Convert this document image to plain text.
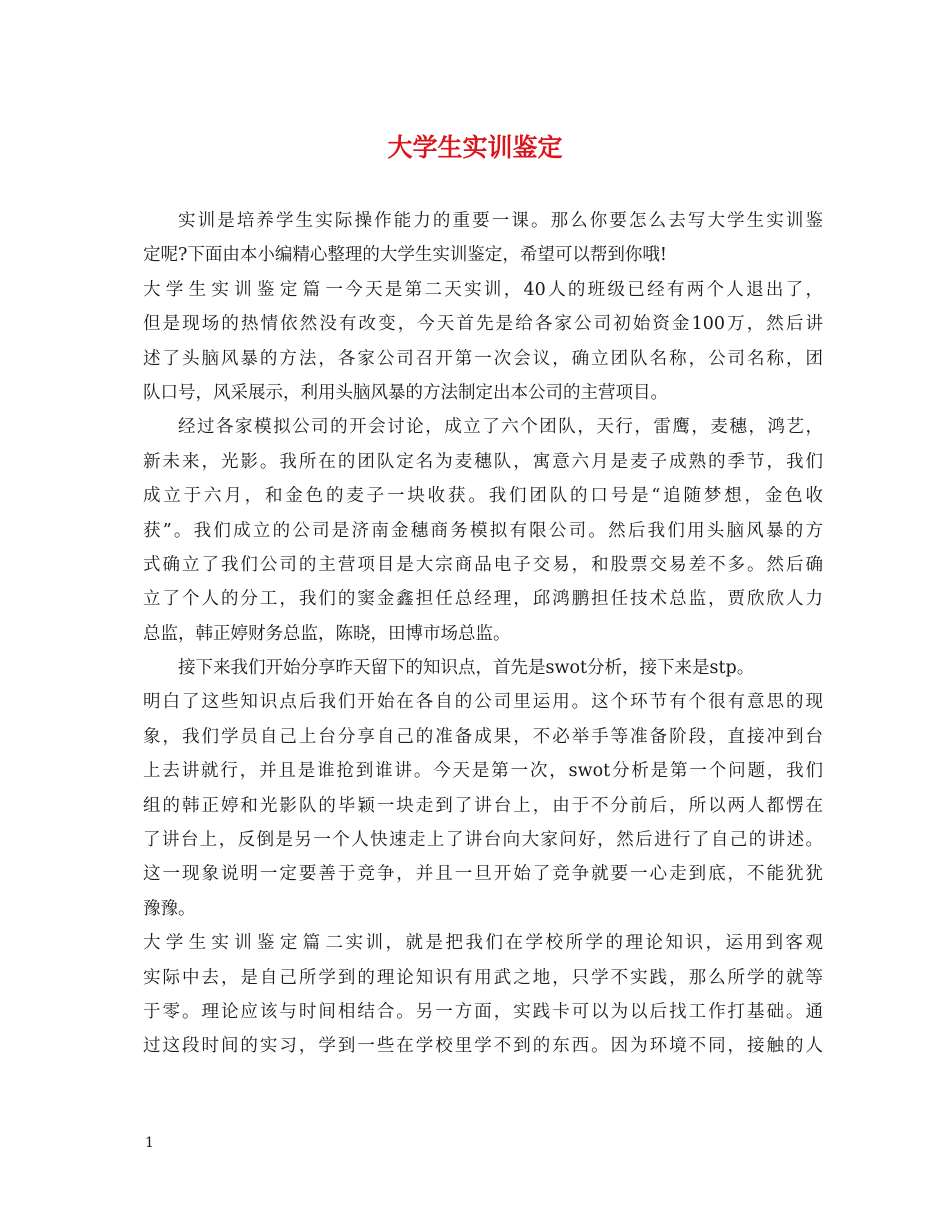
大学生实训鉴定
实训是培养学生实际操作能力的重要一课。那么你要怎么去写大学生实训鉴
定呢?下面由本小编精心整理的大学生实训鉴定，希望可以帮到你哦!
大学生实训鉴定篇一今天是第二天实训，40人的班级已经有两个人退出了，
但是现场的热情依然没有改变，今天首先是给各家公司初始资金100万，然后讲
述了头脑风暴的方法，各家公司召开第一次会议，确立团队名称，公司名称，团
队口号，风采展示，利用头脑风暴的方法制定出本公司的主营项目。
经过各家模拟公司的开会讨论，成立了六个团队，天行，雷鹰，麦穗，鸿艺，
新未来，光影。我所在的团队定名为麦穗队，寓意六月是麦子成熟的季节，我们
成立于六月，和金色的麦子一块收获。我们团队的口号是“追随梦想，金色收
获”。我们成立的公司是济南金穗商务模拟有限公司。然后我们用头脑风暴的方
式确立了我们公司的主营项目是大宗商品电子交易，和股票交易差不多。然后确
立了个人的分工，我们的窦金鑫担任总经理，邱鸿鹏担任技术总监，贾欣欣人力
总监，韩正婷财务总监，陈晓，田博市场总监。
接下来我们开始分享昨天留下的知识点，首先是swot分析，接下来是stp。
明白了这些知识点后我们开始在各自的公司里运用。这个环节有个很有意思的现
象，我们学员自己上台分享自己的准备成果，不必举手等准备阶段，直接冲到台
上去讲就行，并且是谁抢到谁讲。今天是第一次，swot分析是第一个问题，我们
组的韩正婷和光影队的毕颖一块走到了讲台上，由于不分前后，所以两人都愣在
了讲台上，反倒是另一个人快速走上了讲台向大家问好，然后进行了自己的讲述。
这一现象说明一定要善于竞争，并且一旦开始了竞争就要一心走到底，不能犹犹
豫豫。
大学生实训鉴定篇二实训，就是把我们在学校所学的理论知识，运用到客观
实际中去，是自己所学到的理论知识有用武之地，只学不实践，那么所学的就等
于零。理论应该与时间相结合。另一方面，实践卡可以为以后找工作打基础。通
过这段时间的实习，学到一些在学校里学不到的东西。因为环境不同，接触的人
1
